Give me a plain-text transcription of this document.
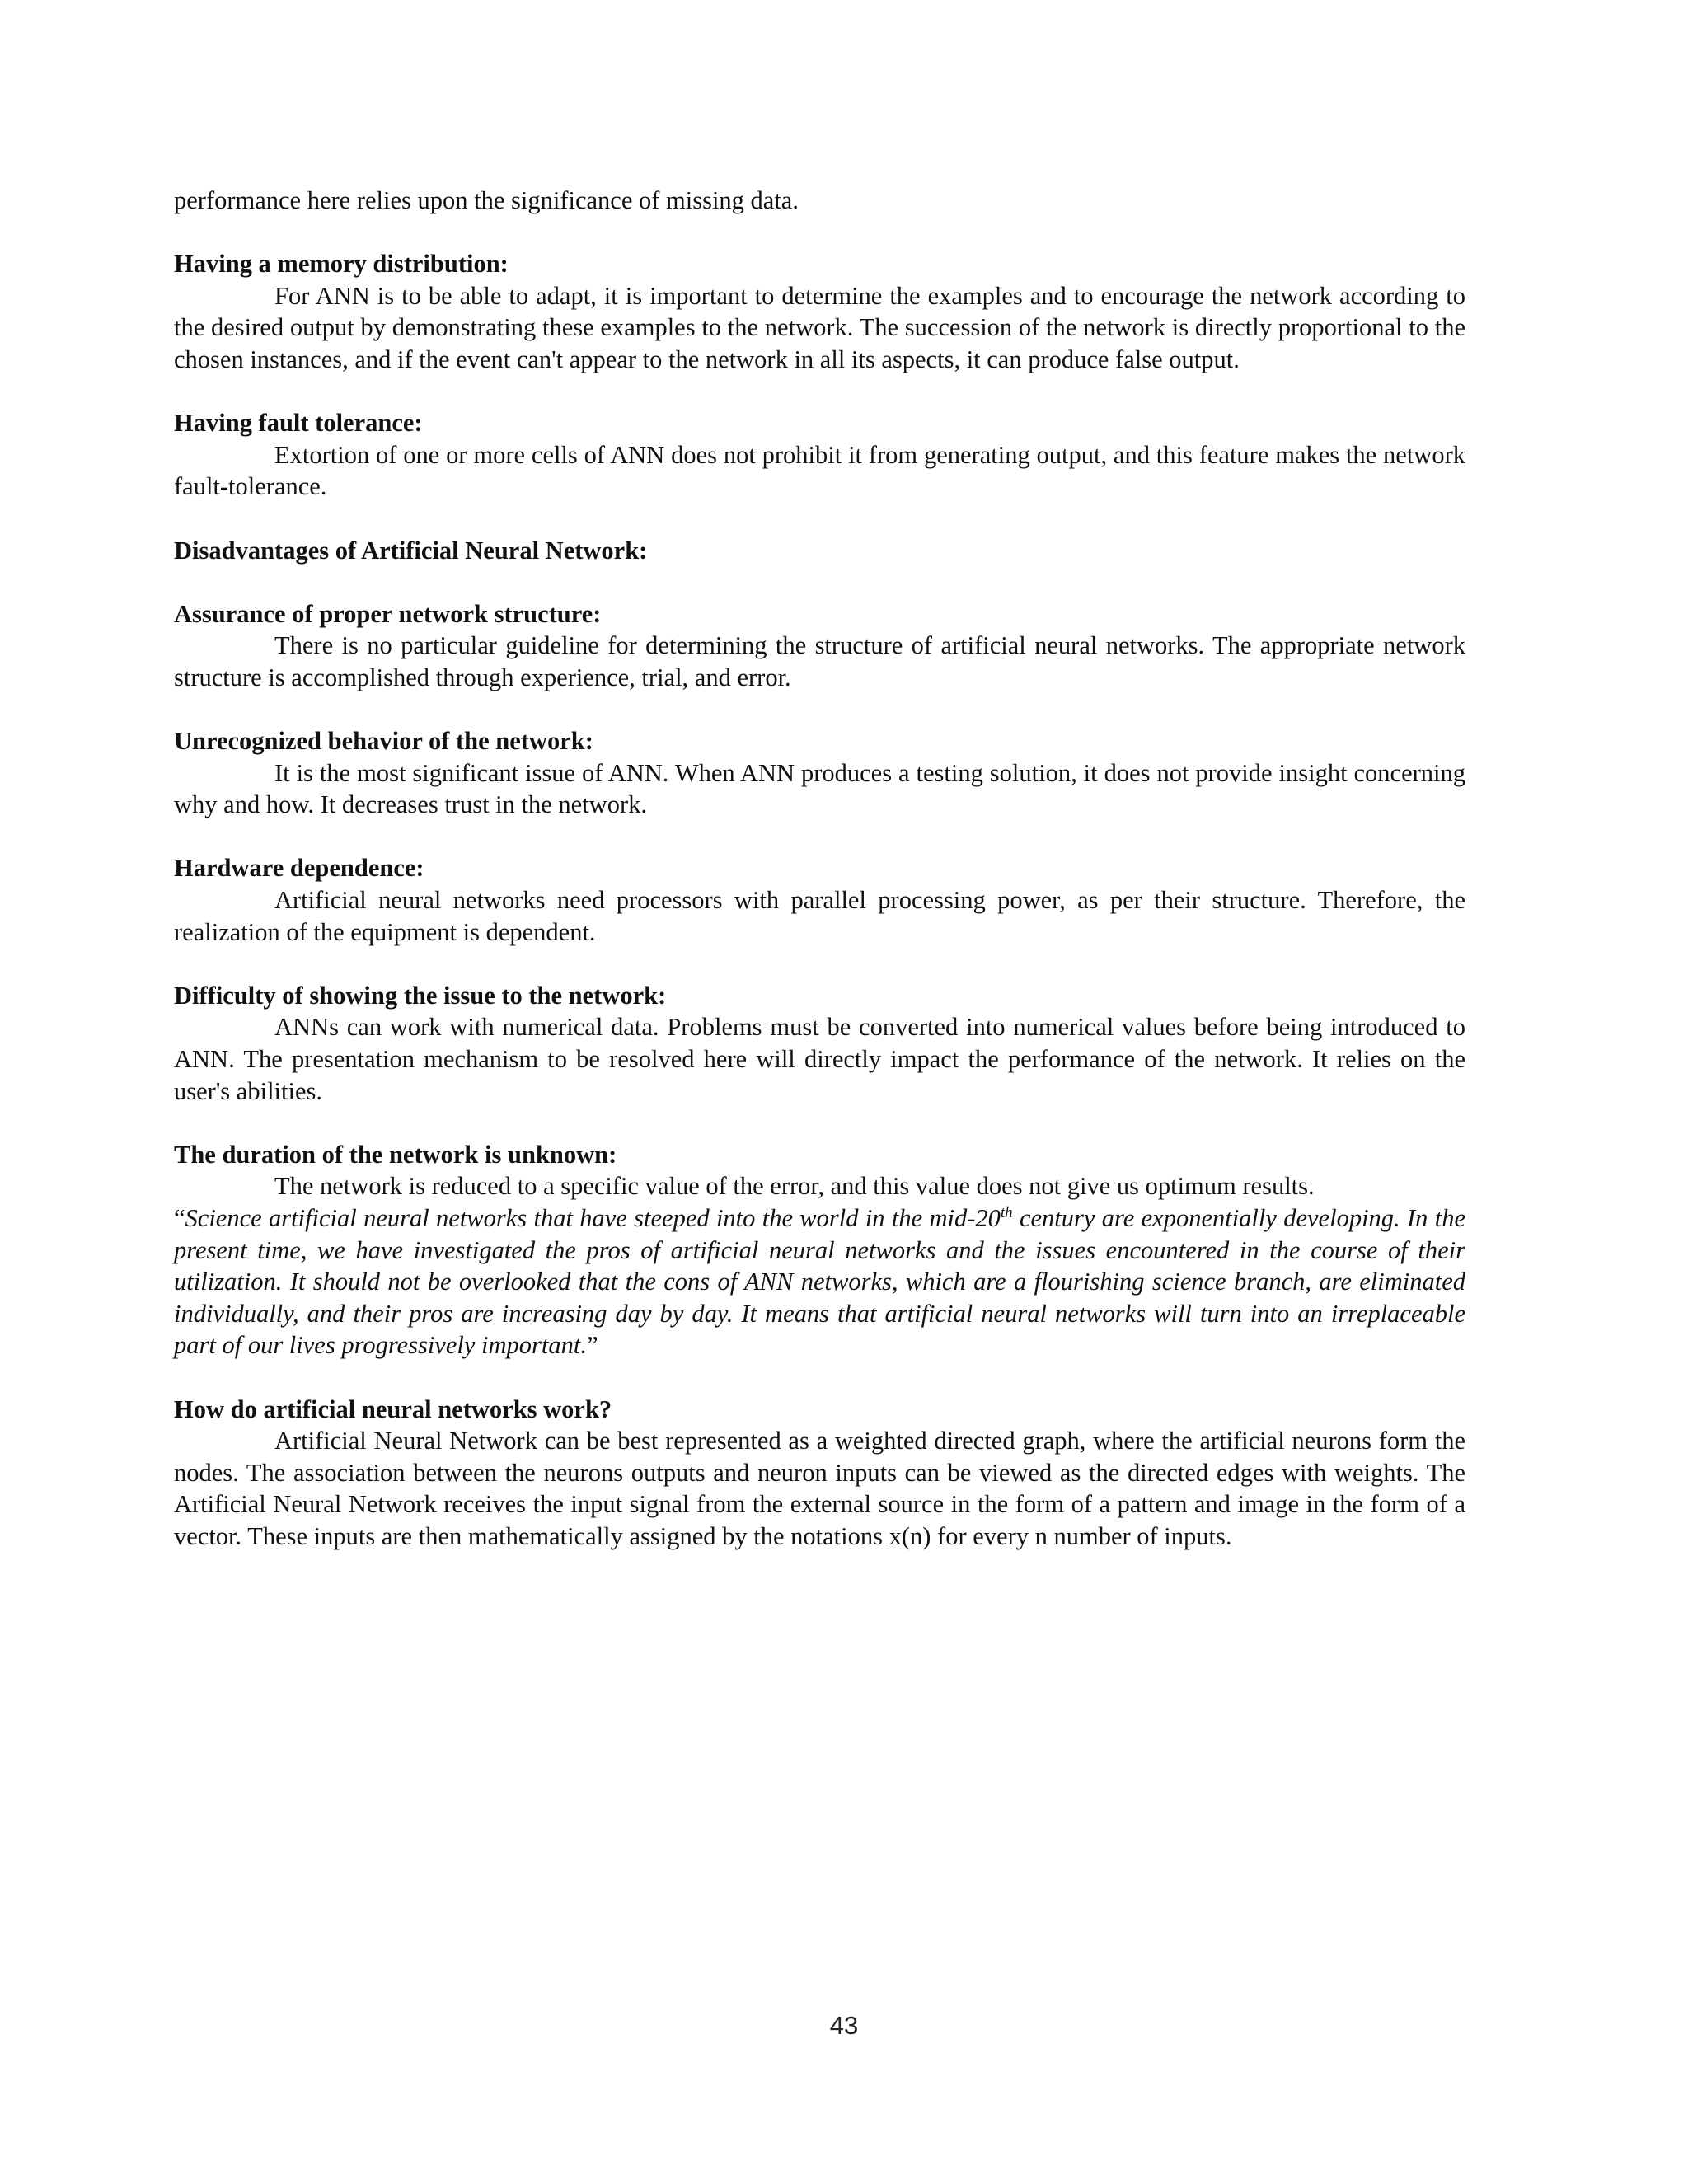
performance here relies upon the significance of missing data.

Having a memory distribution:

For ANN is to be able to adapt, it is important to determine the examples and to encourage the network according to the desired output by demonstrating these examples to the network. The succession of the network is directly proportional to the chosen instances, and if the event can't appear to the network in all its aspects, it can produce false output.

Having fault tolerance:

Extortion of one or more cells of ANN does not prohibit it from generating output, and this feature makes the network fault-tolerance.

Disadvantages of Artificial Neural Network:

Assurance of proper network structure:

There is no particular guideline for determining the structure of artificial neural networks. The appropriate network structure is accomplished through experience, trial, and error.

Unrecognized behavior of the network:

It is the most significant issue of ANN. When ANN produces a testing solution, it does not provide insight concerning why and how. It decreases trust in the network.

Hardware dependence:

Artificial neural networks need processors with parallel processing power, as per their structure. Therefore, the realization of the equipment is dependent.

Difficulty of showing the issue to the network:

ANNs can work with numerical data. Problems must be converted into numerical values before being introduced to ANN. The presentation mechanism to be resolved here will directly impact the performance of the network. It relies on the user's abilities.

The duration of the network is unknown:

The network is reduced to a specific value of the error, and this value does not give us optimum results.

“Science artificial neural networks that have steeped into the world in the mid-20th century are exponentially developing. In the present time, we have investigated the pros of artificial neural networks and the issues encountered in the course of their utilization. It should not be overlooked that the cons of ANN networks, which are a flourishing science branch, are eliminated individually, and their pros are increasing day by day. It means that artificial neural networks will turn into an irreplaceable part of our lives progressively important.”

How do artificial neural networks work?

Artificial Neural Network can be best represented as a weighted directed graph, where the artificial neurons form the nodes. The association between the neurons outputs and neuron inputs can be viewed as the directed edges with weights. The Artificial Neural Network receives the input signal from the external source in the form of a pattern and image in the form of a vector. These inputs are then mathematically assigned by the notations x(n) for every n number of inputs.

43
